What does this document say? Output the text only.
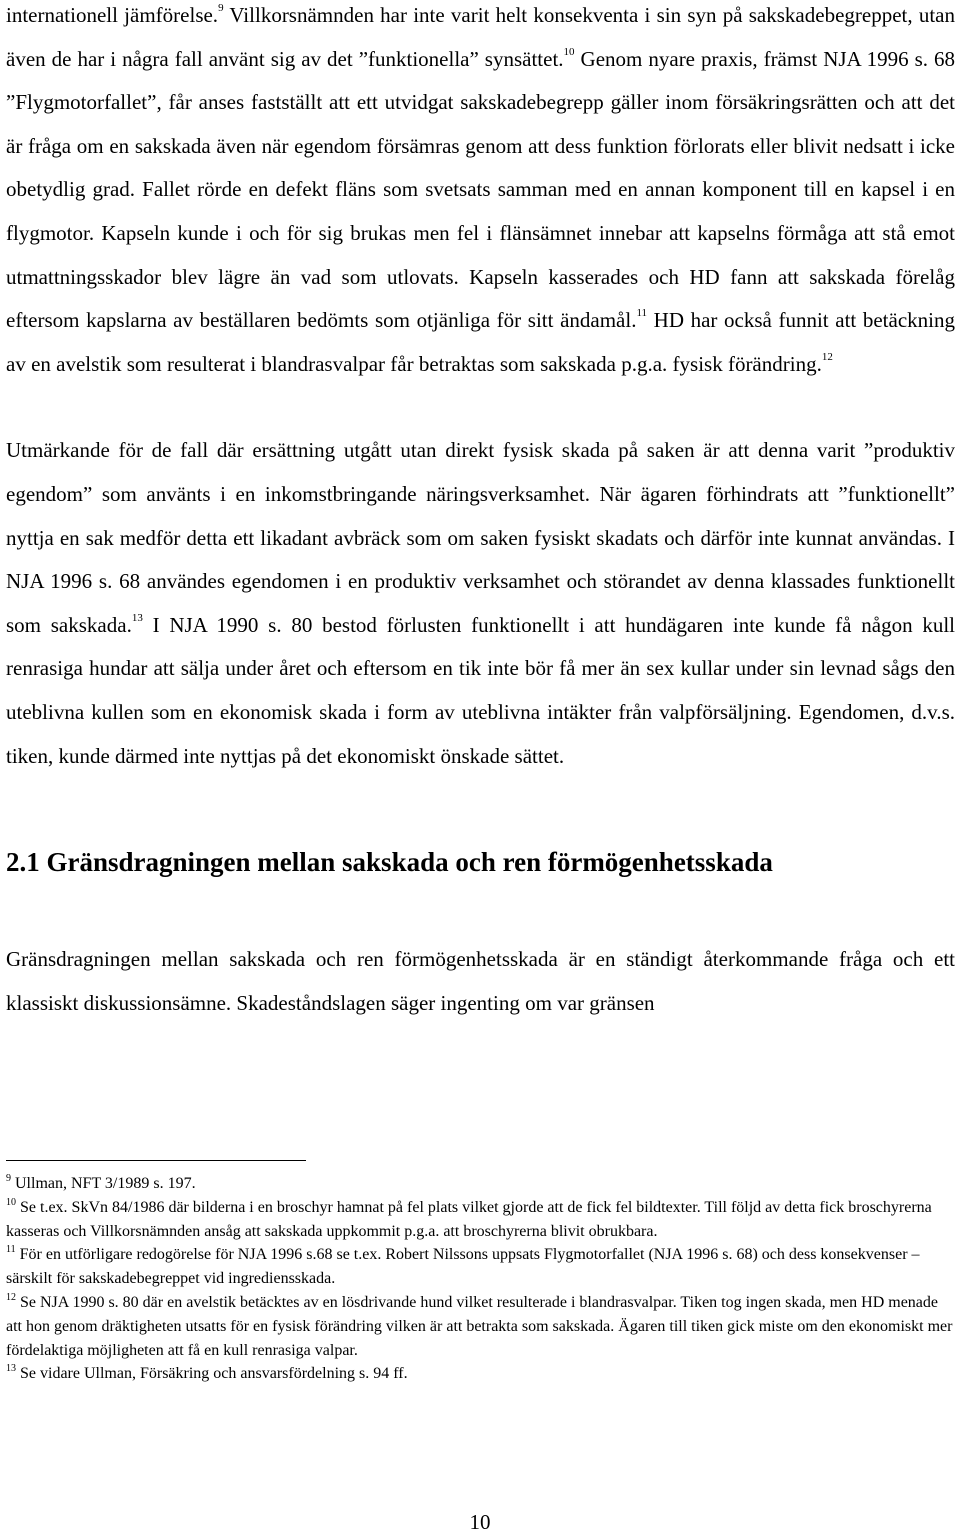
internationell jämförelse.$^9$ Villkorsnämnden har inte varit helt konsekventa i sin syn på sakskadebegreppet, utan även de har i några fall använt sig av det ”funktionella” synsättet.$^{10}$ Genom nyare praxis, främst NJA 1996 s. 68 ”Flygmotorfallet”, får anses fastställt att ett utvidgat sakskadebegrepp gäller inom försäkringsrätten och att det är fråga om en sakskada även när egendom försämras genom att dess funktion förlorats eller blivit nedsatt i icke obetydlig grad. Fallet rörde en defekt fläns som svetsats samman med en annan komponent till en kapsel i en flygmotor. Kapseln kunde i och för sig brukas men fel i flänsämnet innebar att kapselns förmåga att stå emot utmattningsskador blev lägre än vad som utlovats. Kapseln kasserades och HD fann att sakskada förelåg eftersom kapslarna av beställaren bedömts som otjänliga för sitt ändamål.$^{11}$ HD har också funnit att betäckning av en avelstik som resulterat i blandrasvalpar får betraktas som sakskada p.g.a. fysisk förändring.$^{12}$

Utmärkande för de fall där ersättning utgått utan direkt fysisk skada på saken är att denna varit ”produktiv egendom” som använts i en inkomstbringande näringsverksamhet. När ägaren förhindrats att ”funktionellt” nyttja en sak medför detta ett likadant avbräck som om saken fysiskt skadats och därför inte kunnat användas. I NJA 1996 s. 68 användes egendomen i en produktiv verksamhet och störandet av denna klassades funktionellt som sakskada.$^{13}$ I NJA 1990 s. 80 bestod förlusten funktionellt i att hundägaren inte kunde få någon kull renrasiga hundar att sälja under året och eftersom en tik inte bör få mer än sex kullar under sin levnad sågs den uteblivna kullen som en ekonomisk skada i form av uteblivna intäkter från valpförsäljning. Egendomen, d.v.s. tiken, kunde därmed inte nyttjas på det ekonomiskt önskade sättet.

2.1 Gränsdragningen mellan sakskada och ren förmögenhetsskada

Gränsdragningen mellan sakskada och ren förmögenhetsskada är en ständigt återkommande fråga och ett klassiskt diskussionsämne. Skadeståndslagen säger ingenting om var gränsen

$^9$ Ullman, NFT 3/1989 s. 197.

$^{10}$ Se t.ex. SkVn 84/1986 där bilderna i en broschyr hamnat på fel plats vilket gjorde att de fick fel bildtexter. Till följd av detta fick broschyrerna kasseras och Villkorsnämnden ansåg att sakskada uppkommit p.g.a. att broschyrerna blivit obrukbara.

$^{11}$ För en utförligare redogörelse för NJA 1996 s.68 se t.ex. Robert Nilssons uppsats Flygmotorfallet (NJA 1996 s. 68) och dess konsekvenser – särskilt för sakskadebegreppet vid ingrediensskada.

$^{12}$ Se NJA 1990 s. 80 där en avelstik betäcktes av en lösdrivande hund vilket resulterade i blandrasvalpar. Tiken tog ingen skada, men HD menade att hon genom dräktigheten utsatts för en fysisk förändring vilken är att betrakta som sakskada. Ägaren till tiken gick miste om den ekonomiskt mer fördelaktiga möjligheten att få en kull renrasiga valpar.

$^{13}$ Se vidare Ullman, Försäkring och ansvarsfördelning s. 94 ff.

10
